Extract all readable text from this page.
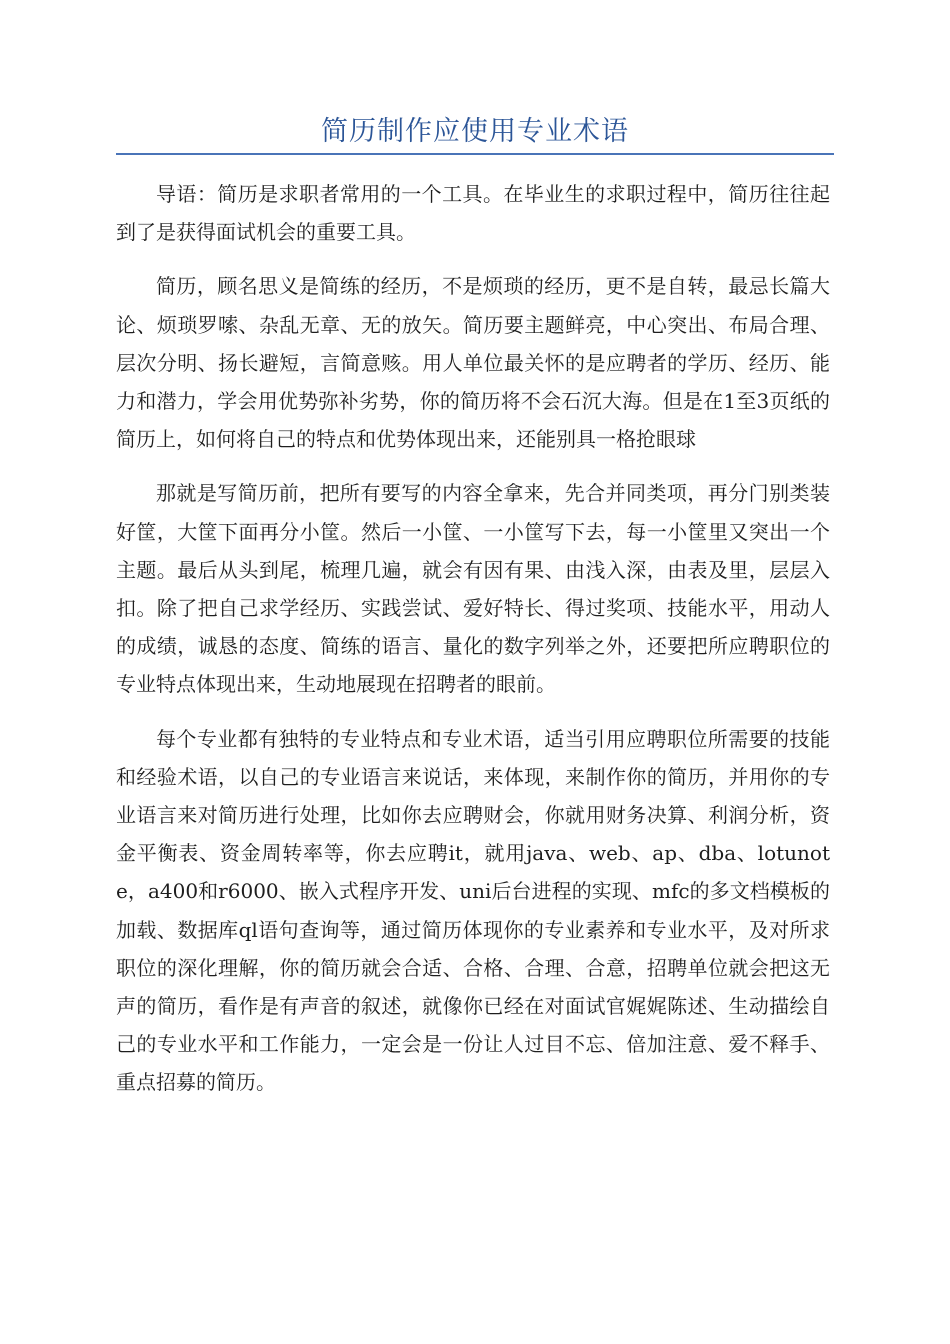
简历制作应使用专业术语

导语：简历是求职者常用的一个工具。在毕业生的求职过程中，简历往往起到了是获得面试机会的重要工具。

简历，顾名思义是简练的经历，不是烦琐的经历，更不是自转，最忌长篇大论、烦琐罗嗦、杂乱无章、无的放矢。简历要主题鲜亮，中心突出、布局合理、层次分明、扬长避短，言简意赅。用人单位最关怀的是应聘者的学历、经历、能力和潜力，学会用优势弥补劣势，你的简历将不会石沉大海。但是在1至3页纸的简历上，如何将自己的特点和优势体现出来，还能别具一格抢眼球

那就是写简历前，把所有要写的内容全拿来，先合并同类项，再分门别类装好筐，大筐下面再分小筐。然后一小筐、一小筐写下去，每一小筐里又突出一个主题。最后从头到尾，梳理几遍，就会有因有果、由浅入深，由表及里，层层入扣。除了把自己求学经历、实践尝试、爱好特长、得过奖项、技能水平，用动人的成绩，诚恳的态度、简练的语言、量化的数字列举之外，还要把所应聘职位的专业特点体现出来，生动地展现在招聘者的眼前。

每个专业都有独特的专业特点和专业术语，适当引用应聘职位所需要的技能和经验术语，以自己的专业语言来说话，来体现，来制作你的简历，并用你的专业语言来对简历进行处理，比如你去应聘财会，你就用财务决算、利润分析，资金平衡表、资金周转率等，你去应聘it，就用java、web、ap、dba、lotunote，a400和r6000、嵌入式程序开发、uni后台进程的实现、mfc的多文档模板的加载、数据库ql语句查询等，通过简历体现你的专业素养和专业水平，及对所求职位的深化理解，你的简历就会合适、合格、合理、合意，招聘单位就会把这无声的简历，看作是有声音的叙述，就像你已经在对面试官娓娓陈述、生动描绘自己的专业水平和工作能力，一定会是一份让人过目不忘、倍加注意、爱不释手、重点招募的简历。
